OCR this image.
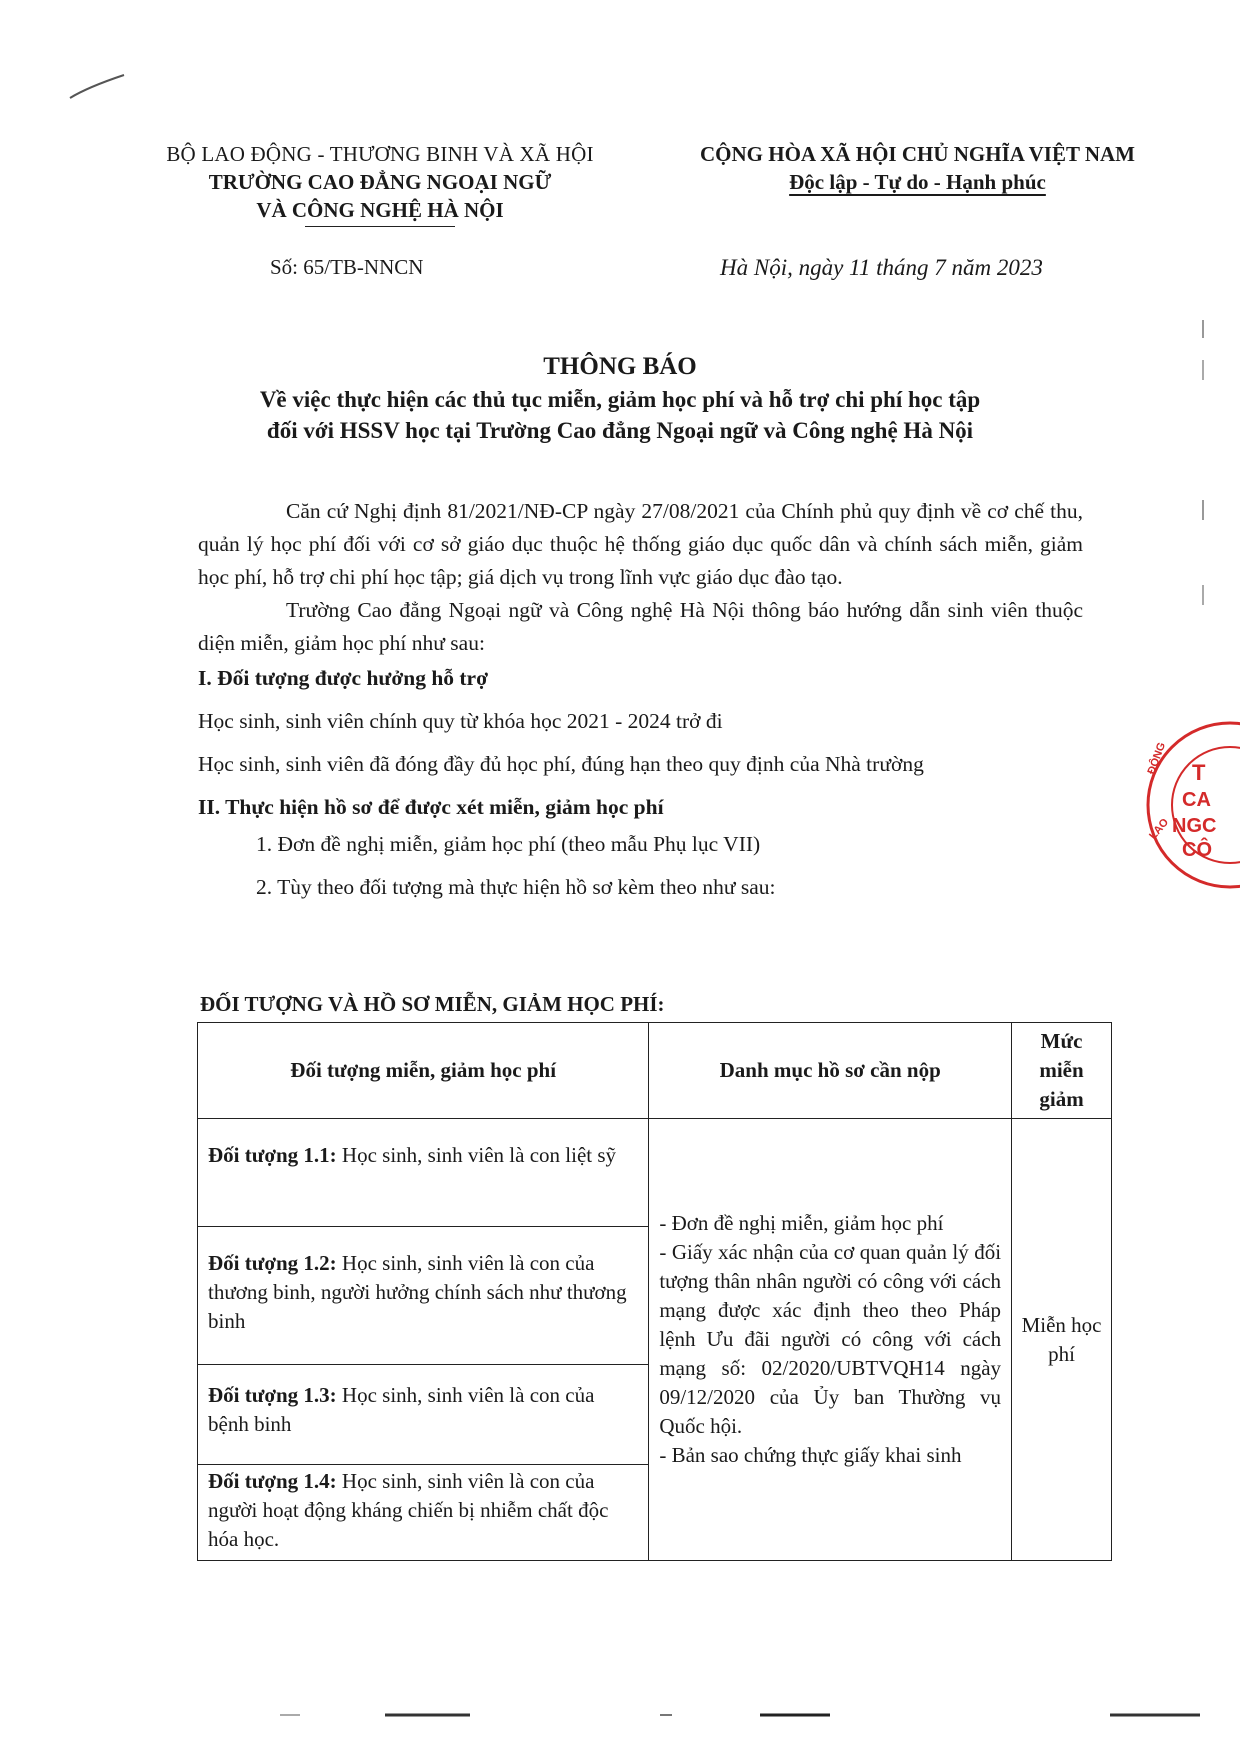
BỘ LAO ĐỘNG - THƯƠNG BINH VÀ XÃ HỘI
TRƯỜNG CAO ĐẲNG NGOẠI NGỮ
VÀ CÔNG NGHỆ HÀ NỘI
CỘNG HÒA XÃ HỘI CHỦ NGHĨA VIỆT NAM
Độc lập - Tự do - Hạnh phúc
Số: 65/TB-NNCN	Hà Nội, ngày 11 tháng 7 năm 2023
THÔNG BÁO
Về việc thực hiện các thủ tục miễn, giảm học phí và hỗ trợ chi phí học tập
đối với HSSV học tại Trường Cao đẳng Ngoại ngữ và Công nghệ Hà Nội

Căn cứ Nghị định 81/2021/NĐ-CP ngày 27/08/2021 của Chính phủ quy định về cơ chế thu, quản lý học phí đối với cơ sở giáo dục thuộc hệ thống giáo dục quốc dân và chính sách miễn, giảm học phí, hỗ trợ chi phí học tập; giá dịch vụ trong lĩnh vực giáo dục đào tạo.

Trường Cao đẳng Ngoại ngữ và Công nghệ Hà Nội thông báo hướng dẫn sinh viên thuộc diện miễn, giảm học phí như sau:

I. Đối tượng được hưởng hỗ trợ

Học sinh, sinh viên chính quy từ khóa học 2021 - 2024 trở đi

Học sinh, sinh viên đã đóng đầy đủ học phí, đúng hạn theo quy định của Nhà trường

II. Thực hiện hồ sơ để được xét miễn, giảm học phí

1. Đơn đề nghị miễn, giảm học phí (theo mẫu Phụ lục VII)

2. Tùy theo đối tượng mà thực hiện hồ sơ kèm theo như sau:

ĐỐI TƯỢNG VÀ HỒ SƠ MIỄN, GIẢM HỌC PHÍ:
Đối tượng miễn, giảm học phí	Danh mục hồ sơ cần nộp	Mức miễn giảm
Đối tượng 1.1: Học sinh, sinh viên là con liệt sỹ	- Đơn đề nghị miễn, giảm học phí
- Giấy xác nhận của cơ quan quản lý đối tượng thân nhân người có công với cách mạng được xác định theo theo Pháp lệnh Ưu đãi người có công với cách mạng số: 02/2020/UBTVQH14 ngày 09/12/2020 của Ủy ban Thường vụ Quốc hội.
- Bản sao chứng thực giấy khai sinh	Miễn học phí
Đối tượng 1.2: Học sinh, sinh viên là con của thương binh, người hưởng chính sách như thương binh		
Đối tượng 1.3: Học sinh, sinh viên là con của bệnh binh		
Đối tượng 1.4: Học sinh, sinh viên là con của người hoạt động kháng chiến bị nhiễm chất độc hóa học.		
T
CA
NGC
CÔ
ĐỘNG
LAO
